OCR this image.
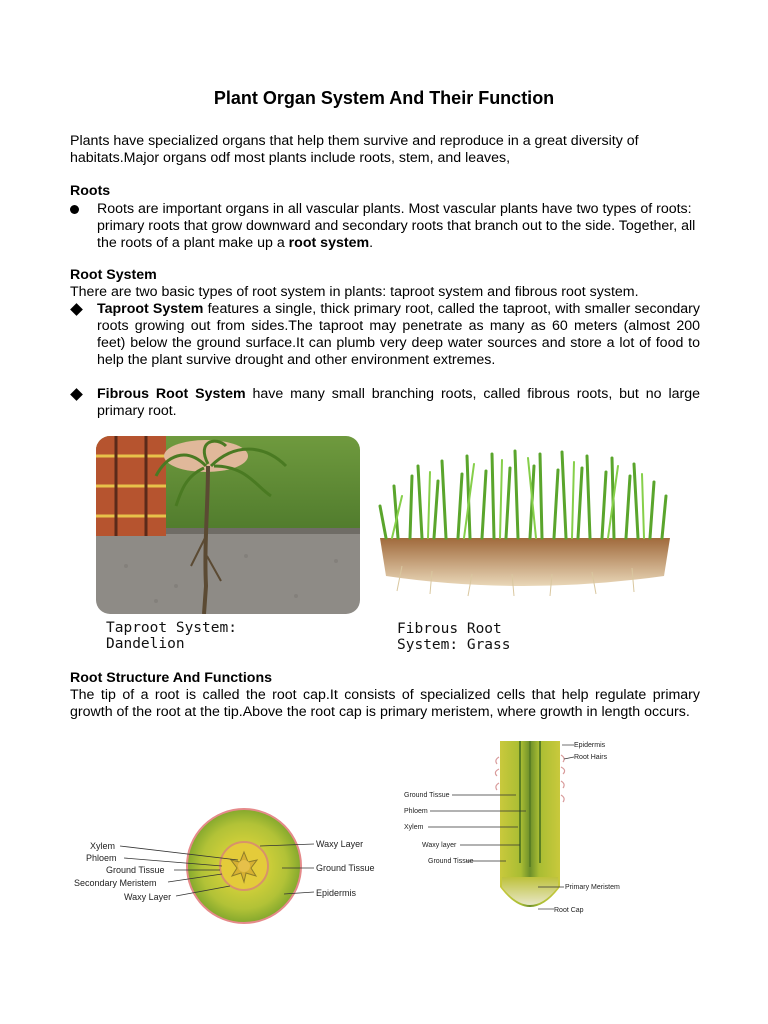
Plant Organ System And Their Function
Plants have specialized organs that help them survive and reproduce in a great diversity of habitats.Major organs odf most plants include roots, stem, and leaves,
Roots
Roots are important organs in all vascular plants. Most vascular plants have two types of roots: primary roots that grow downward and secondary roots that branch out to the side. Together, all the roots of a plant make up a root system.
Root System
There are two basic types of root system in plants: taproot system and fibrous root system.
Taproot System features a single, thick primary root, called the taproot, with smaller secondary roots growing out from sides.The taproot may penetrate as many as 60 meters (almost 200 feet) below the ground surface.It can plumb very deep water sources and store a lot of food to help the plant survive drought and other environment extremes.
Fibrous Root System have many small branching roots, called fibrous roots, but no large primary root.
Taproot System:
Dandelion
Fibrous Root
System: Grass
Root Structure And Functions
The tip of a root is called the root cap.It consists of specialized cells that help regulate primary growth of the root at the tip.Above the root cap is primary meristem, where growth in length occurs.
Xylem
Phloem
Ground Tissue
Secondary Meristem
Waxy Layer
Waxy Layer
Ground Tissue
Epidermis
Epidermis
Root Hairs
Ground Tissue
Phloem
Xylem
Waxy layer
Ground Tissue
Primary Meristem
Root Cap
